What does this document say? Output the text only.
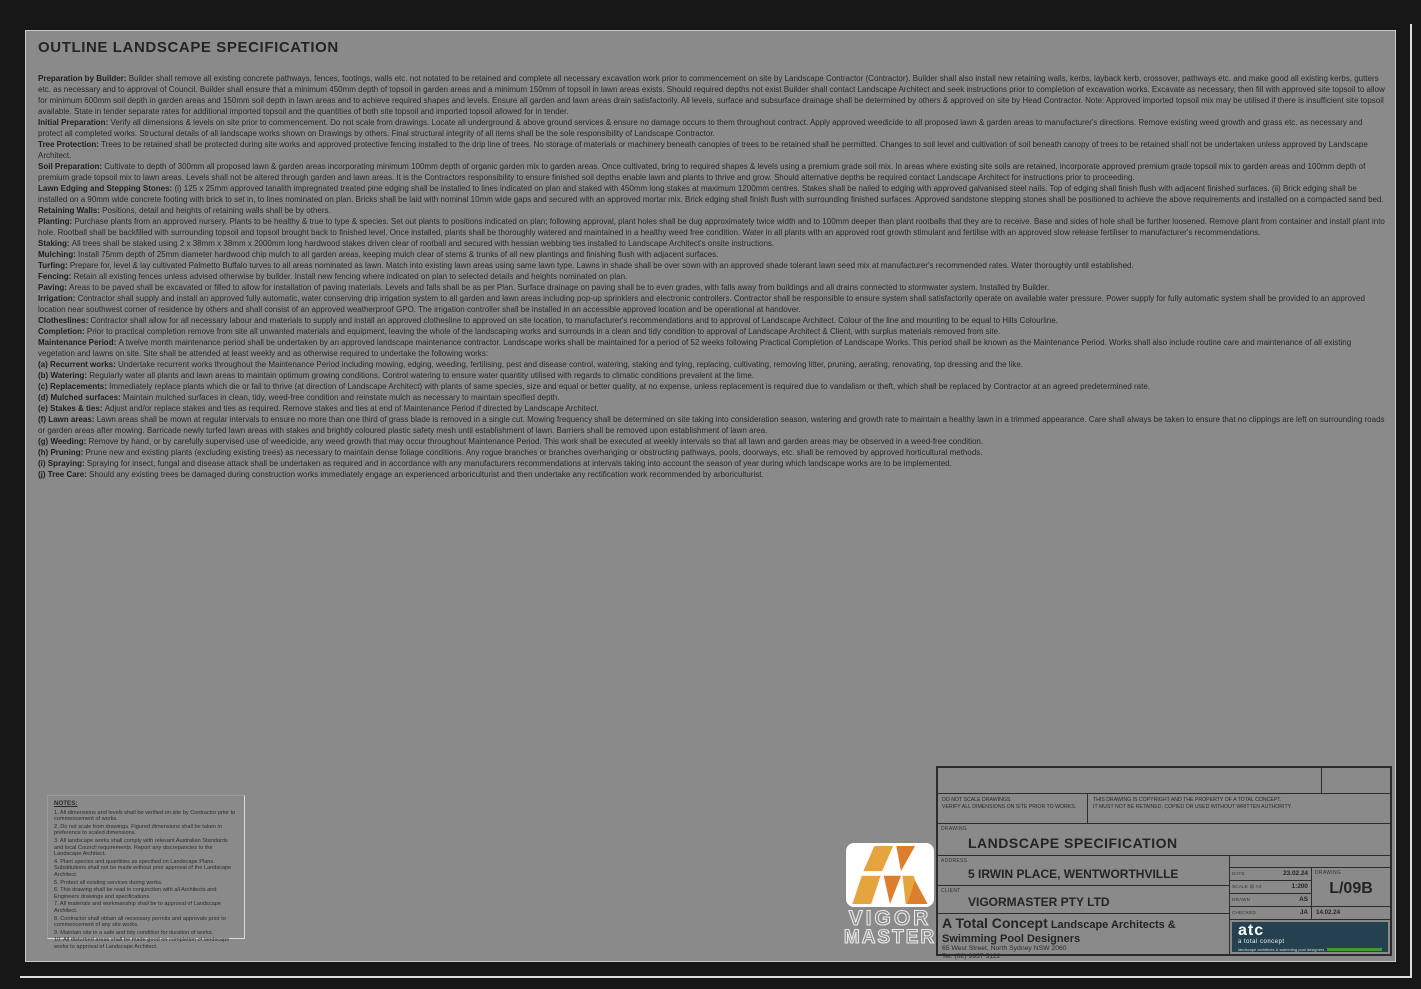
OUTLINE LANDSCAPE SPECIFICATION

Preparation by Builder: Builder shall remove all existing concrete pathways, fences, footings, walls etc. not notated to be retained and complete all necessary excavation work prior to commencement on site by Landscape Contractor (Contractor). Builder shall also install new retaining walls, kerbs, layback kerb, crossover, pathways etc. and make good all existing kerbs, gutters etc. as necessary and to approval of Council. Builder shall ensure that a minimum 450mm depth of topsoil in garden areas and a minimum 150mm of topsoil in lawn areas exists. Should required depths not exist Builder shall contact Landscape Architect and seek instructions prior to completion of excavation works. Excavate as necessary, then fill with approved site topsoil to allow for minimum 600mm soil depth in garden areas and 150mm soil depth in lawn areas and to achieve required shapes and levels. Ensure all garden and lawn areas drain satisfactorily. All levels, surface and subsurface drainage shall be determined by others & approved on site by Head Contractor. Note: Approved imported topsoil mix may be utilised if there is insufficient site topsoil available. State in tender separate rates for additional imported topsoil and the quantities of both site topsoil and imported topsoil allowed for in tender.

Initial Preparation: Verify all dimensions & levels on site prior to commencement. Do not scale from drawings. Locate all underground & above ground services & ensure no damage occurs to them throughout contract. Apply approved weedicide to all proposed lawn & garden areas to manufacturer's directions. Remove existing weed growth and grass etc. as necessary and protect all completed works. Structural details of all landscape works shown on Drawings by others. Final structural integrity of all items shall be the sole responsibility of Landscape Contractor.

Tree Protection: Trees to be retained shall be protected during site works and approved protective fencing installed to the drip line of trees. No storage of materials or machinery beneath canopies of trees to be retained shall be permitted. Changes to soil level and cultivation of soil beneath canopy of trees to be retained shall not be undertaken unless approved by Landscape Architect.

Soil Preparation: Cultivate to depth of 300mm all proposed lawn & garden areas incorporating minimum 100mm depth of organic garden mix to garden areas. Once cultivated, bring to required shapes & levels using a premium grade soil mix. In areas where existing site soils are retained, incorporate approved premium grade topsoil mix to garden areas and 100mm depth of premium grade topsoil mix to lawn areas. Levels shall not be altered through garden and lawn areas. It is the Contractors responsibility to ensure finished soil depths enable lawn and plants to thrive and grow. Should alternative depths be required contact Landscape Architect for instructions prior to proceeding.

Lawn Edging and Stepping Stones: (i) 125 x 25mm approved tanalith impregnated treated pine edging shall be installed to lines indicated on plan and staked with 450mm long stakes at maximum 1200mm centres. Stakes shall be nailed to edging with approved galvanised steel nails. Top of edging shall finish flush with adjacent finished surfaces. (ii) Brick edging shall be installed on a 90mm wide concrete footing with brick to set in, to lines nominated on plan. Bricks shall be laid with nominal 10mm wide gaps and secured with an approved mortar mix. Brick edging shall finish flush with surrounding finished surfaces. Approved sandstone stepping stones shall be positioned to achieve the above requirements and installed on a compacted sand bed.

Retaining Walls: Positions, detail and heights of retaining walls shall be by others.

Planting: Purchase plants from an approved nursery. Plants to be healthy & true to type & species. Set out plants to positions indicated on plan; following approval, plant holes shall be dug approximately twice width and to 100mm deeper than plant rootballs that they are to receive. Base and sides of hole shall be further loosened. Remove plant from container and install plant into hole. Rootball shall be backfilled with surrounding topsoil and topsoil brought back to finished level. Once installed, plants shall be thoroughly watered and maintained in a healthy weed free condition. Water in all plants with an approved root growth stimulant and fertilise with an approved slow release fertiliser to manufacturer's recommendations.

Staking: All trees shall be staked using 2 x 38mm x 38mm x 2000mm long hardwood stakes driven clear of rootball and secured with hessian webbing ties installed to Landscape Architect's onsite instructions.

Mulching: Install 75mm depth of 25mm diameter hardwood chip mulch to all garden areas, keeping mulch clear of stems & trunks of all new plantings and finishing flush with adjacent surfaces.

Turfing: Prepare for, level & lay cultivated Palmetto Buffalo turves to all areas nominated as lawn. Match into existing lawn areas using same lawn type. Lawns in shade shall be over sown with an approved shade tolerant lawn seed mix at manufacturer's recommended rates. Water thoroughly until established.

Fencing: Retain all existing fences unless advised otherwise by builder. Install new fencing where indicated on plan to selected details and heights nominated on plan.

Paving: Areas to be paved shall be excavated or filled to allow for installation of paving materials. Levels and falls shall be as per Plan. Surface drainage on paving shall be to even grades, with falls away from buildings and all drains connected to stormwater system. Installed by Builder.

Irrigation: Contractor shall supply and install an approved fully automatic, water conserving drip irrigation system to all garden and lawn areas including pop-up sprinklers and electronic controllers. Contractor shall be responsible to ensure system shall satisfactorily operate on available water pressure. Power supply for fully automatic system shall be provided to an approved location near southwest corner of residence by others and shall consist of an approved weatherproof GPO. The irrigation controller shall be installed in an accessible approved location and be operational at handover.

Clotheslines: Contractor shall allow for all necessary labour and materials to supply and install an approved clothesline to approved on site location, to manufacturer's recommendations and to approval of Landscape Architect. Colour of the line and mounting to be equal to Hills Colourline.

Completion: Prior to practical completion remove from site all unwanted materials and equipment, leaving the whole of the landscaping works and surrounds in a clean and tidy condition to approval of Landscape Architect & Client, with surplus materials removed from site.

Maintenance Period: A twelve month maintenance period shall be undertaken by an approved landscape maintenance contractor. Landscape works shall be maintained for a period of 52 weeks following Practical Completion of Landscape Works. This period shall be known as the Maintenance Period. Works shall also include routine care and maintenance of all existing vegetation and lawns on site. Site shall be attended at least weekly and as otherwise required to undertake the following works:

(a) Recurrent works: Undertake recurrent works throughout the Maintenance Period including mowing, edging, weeding, fertilising, pest and disease control, watering, staking and tying, replacing, cultivating, removing litter, pruning, aerating, renovating, top dressing and the like.

(b) Watering: Regularly water all plants and lawn areas to maintain optimum growing conditions. Control watering to ensure water quantity utilised with regards to climatic conditions prevalent at the time.

(c) Replacements: Immediately replace plants which die or fail to thrive (at direction of Landscape Architect) with plants of same species, size and equal or better quality, at no expense, unless replacement is required due to vandalism or theft, which shall be replaced by Contractor at an agreed predetermined rate.

(d) Mulched surfaces: Maintain mulched surfaces in clean, tidy, weed-free condition and reinstate mulch as necessary to maintain specified depth.

(e) Stakes & ties: Adjust and/or replace stakes and ties as required. Remove stakes and ties at end of Maintenance Period if directed by Landscape Architect.

(f) Lawn areas: Lawn areas shall be mown at regular intervals to ensure no more than one third of grass blade is removed in a single cut. Mowing frequency shall be determined on site taking into consideration season, watering and growth rate to maintain a healthy lawn in a trimmed appearance. Care shall always be taken to ensure that no clippings are left on surrounding roads or garden areas after mowing. Barricade newly turfed lawn areas with stakes and brightly coloured plastic safety mesh until establishment of lawn. Barriers shall be removed upon establishment of lawn area.

(g) Weeding: Remove by hand, or by carefully supervised use of weedicide, any weed growth that may occur throughout Maintenance Period. This work shall be executed at weekly intervals so that all lawn and garden areas may be observed in a weed-free condition.

(h) Pruning: Prune new and existing plants (excluding existing trees) as necessary to maintain dense foliage conditions. Any rogue branches or branches overhanging or obstructing pathways, pools, doorways, etc. shall be removed by approved horticultural methods.

(i) Spraying: Spraying for insect, fungal and disease attack shall be undertaken as required and in accordance with any manufacturers recommendations at intervals taking into account the season of year during which landscape works are to be implemented.

(j) Tree Care: Should any existing trees be damaged during construction works immediately engage an experienced arboriculturist and then undertake any rectification work recommended by arboriculturist.

NOTES:
1. All dimensions and levels shall be verified on site by Contractor prior to commencement of works.
2. Do not scale from drawings. Figured dimensions shall be taken in preference to scaled dimensions.
3. All landscape works shall comply with relevant Australian Standards and local Council requirements. Report any discrepancies to the Landscape Architect.
4. Plant species and quantities as specified on Landscape Plans. Substitutions shall not be made without prior approval of the Landscape Architect.
5. Protect all existing services during works.
6. This drawing shall be read in conjunction with all Architects and Engineers drawings and specifications.
7. All materials and workmanship shall be to approval of Landscape Architect.
8. Contractor shall obtain all necessary permits and approvals prior to commencement of any site works.
9. Maintain site in a safe and tidy condition for duration of works.
10. All disturbed areas shall be made good on completion of landscape works to approval of Landscape Architect.
VIGOR
MASTER
DO NOT SCALE DRAWINGS.
VERIFY ALL DIMENSIONS ON SITE PRIOR TO WORKS.
THIS DRAWING IS COPYRIGHT AND THE PROPERTY OF A TOTAL CONCEPT.
IT MUST NOT BE RETAINED, COPIED OR USED WITHOUT WRITTEN AUTHORITY.
DRAWING
LANDSCAPE SPECIFICATION
ADDRESS
5 IRWIN PLACE, WENTWORTHVILLE
CLIENT
VIGORMASTER PTY LTD
A Total Concept Landscape Architects &
Swimming Pool Designers
65 West Street, North Sydney NSW 2060
Tel: (02) 9957 5122
DATE	23.02.24
SCALE @ A3	1:200
DRAWN	AS
CHECKED	JA
DRAWING
L/09B
14.02.24
atc
a total concept
landscape architects & swimming pool designers
